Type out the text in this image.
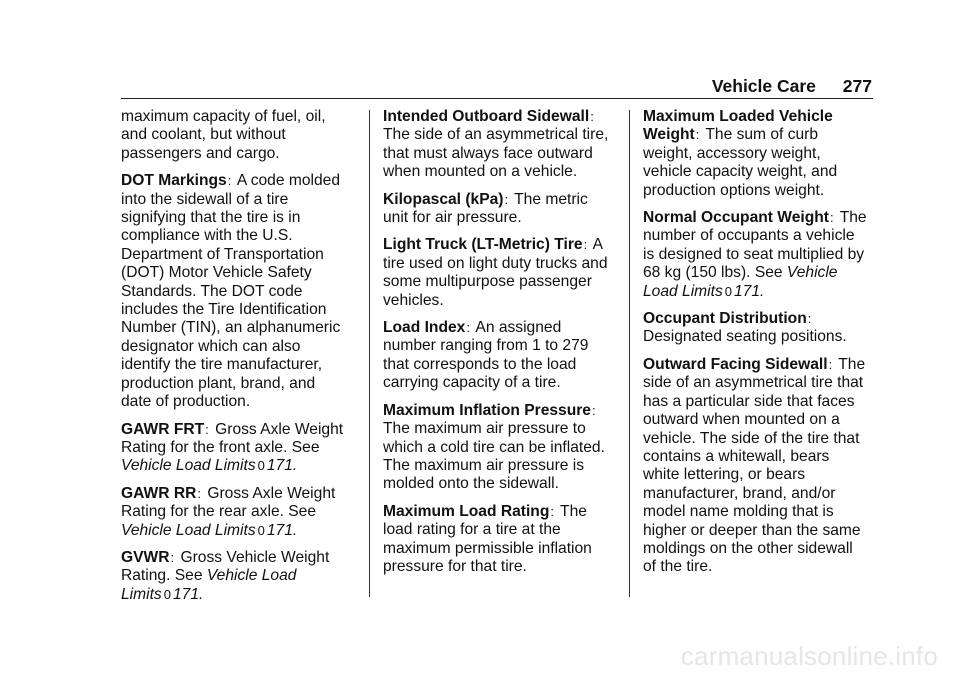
Vehicle Care 277

maximum capacity of fuel, oil,
and coolant, but without
passengers and cargo.

DOT Markings: A code molded
into the sidewall of a tire
signifying that the tire is in
compliance with the U.S.
Department of Transportation
(DOT) Motor Vehicle Safety
Standards. The DOT code
includes the Tire Identification
Number (TIN), an alphanumeric
designator which can also
identify the tire manufacturer,
production plant, brand, and
date of production.

GAWR FRT: Gross Axle Weight
Rating for the front axle. See
Vehicle Load Limits 0 171.

GAWR RR: Gross Axle Weight
Rating for the rear axle. See
Vehicle Load Limits 0 171.

GVWR: Gross Vehicle Weight
Rating. See Vehicle Load
Limits 0 171.

Intended Outboard Sidewall:
The side of an asymmetrical tire,
that must always face outward
when mounted on a vehicle.

Kilopascal (kPa): The metric
unit for air pressure.

Light Truck (LT-Metric) Tire: A
tire used on light duty trucks and
some multipurpose passenger
vehicles.

Load Index: An assigned
number ranging from 1 to 279
that corresponds to the load
carrying capacity of a tire.

Maximum Inflation Pressure:
The maximum air pressure to
which a cold tire can be inflated.
The maximum air pressure is
molded onto the sidewall.

Maximum Load Rating: The
load rating for a tire at the
maximum permissible inflation
pressure for that tire.

Maximum Loaded Vehicle
Weight: The sum of curb
weight, accessory weight,
vehicle capacity weight, and
production options weight.

Normal Occupant Weight: The
number of occupants a vehicle
is designed to seat multiplied by
68 kg (150 lbs). See Vehicle
Load Limits 0 171.

Occupant Distribution:
Designated seating positions.

Outward Facing Sidewall: The
side of an asymmetrical tire that
has a particular side that faces
outward when mounted on a
vehicle. The side of the tire that
contains a whitewall, bears
white lettering, or bears
manufacturer, brand, and/or
model name molding that is
higher or deeper than the same
moldings on the other sidewall
of the tire.

carmanualsonline.info
